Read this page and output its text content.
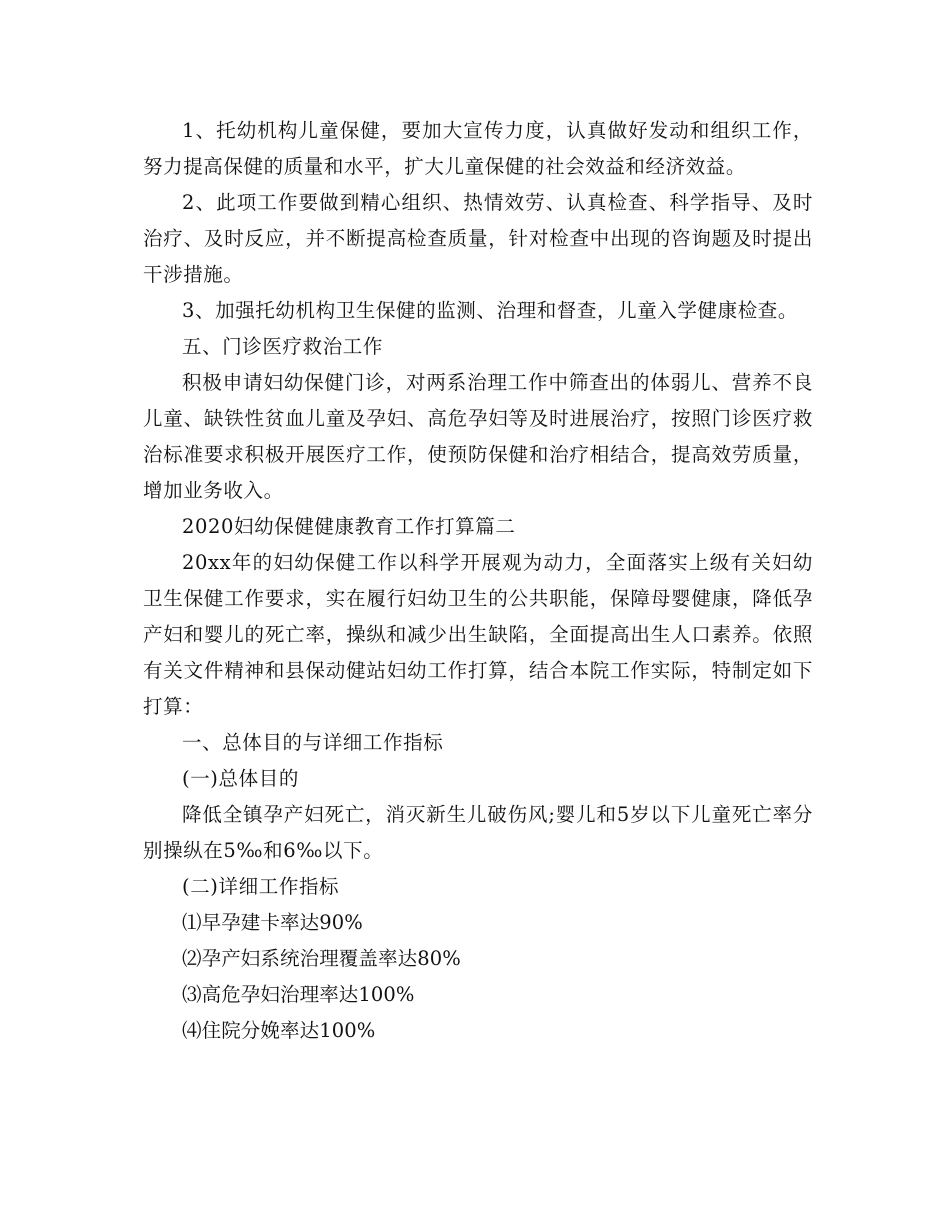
1、托幼机构儿童保健，要加大宣传力度，认真做好发动和组织工作，努力提高保健的质量和水平，扩大儿童保健的社会效益和经济效益。

2、此项工作要做到精心组织、热情效劳、认真检查、科学指导、及时治疗、及时反应，并不断提高检查质量，针对检查中出现的咨询题及时提出干涉措施。

3、加强托幼机构卫生保健的监测、治理和督查，儿童入学健康检查。

五、门诊医疗救治工作

积极申请妇幼保健门诊，对两系治理工作中筛查出的体弱儿、营养不良儿童、缺铁性贫血儿童及孕妇、高危孕妇等及时进展治疗，按照门诊医疗救治标准要求积极开展医疗工作，使预防保健和治疗相结合，提高效劳质量，增加业务收入。

2020妇幼保健健康教育工作打算篇二

20xx年的妇幼保健工作以科学开展观为动力，全面落实上级有关妇幼卫生保健工作要求，实在履行妇幼卫生的公共职能，保障母婴健康，降低孕产妇和婴儿的死亡率，操纵和减少出生缺陷，全面提高出生人口素养。依照有关文件精神和县保动健站妇幼工作打算，结合本院工作实际，特制定如下打算：

一、总体目的与详细工作指标

(一)总体目的

降低全镇孕产妇死亡，消灭新生儿破伤风;婴儿和5岁以下儿童死亡率分别操纵在5‰和6‰以下。

(二)详细工作指标

⑴早孕建卡率达90%

⑵孕产妇系统治理覆盖率达80%

⑶高危孕妇治理率达100%

⑷住院分娩率达100%
